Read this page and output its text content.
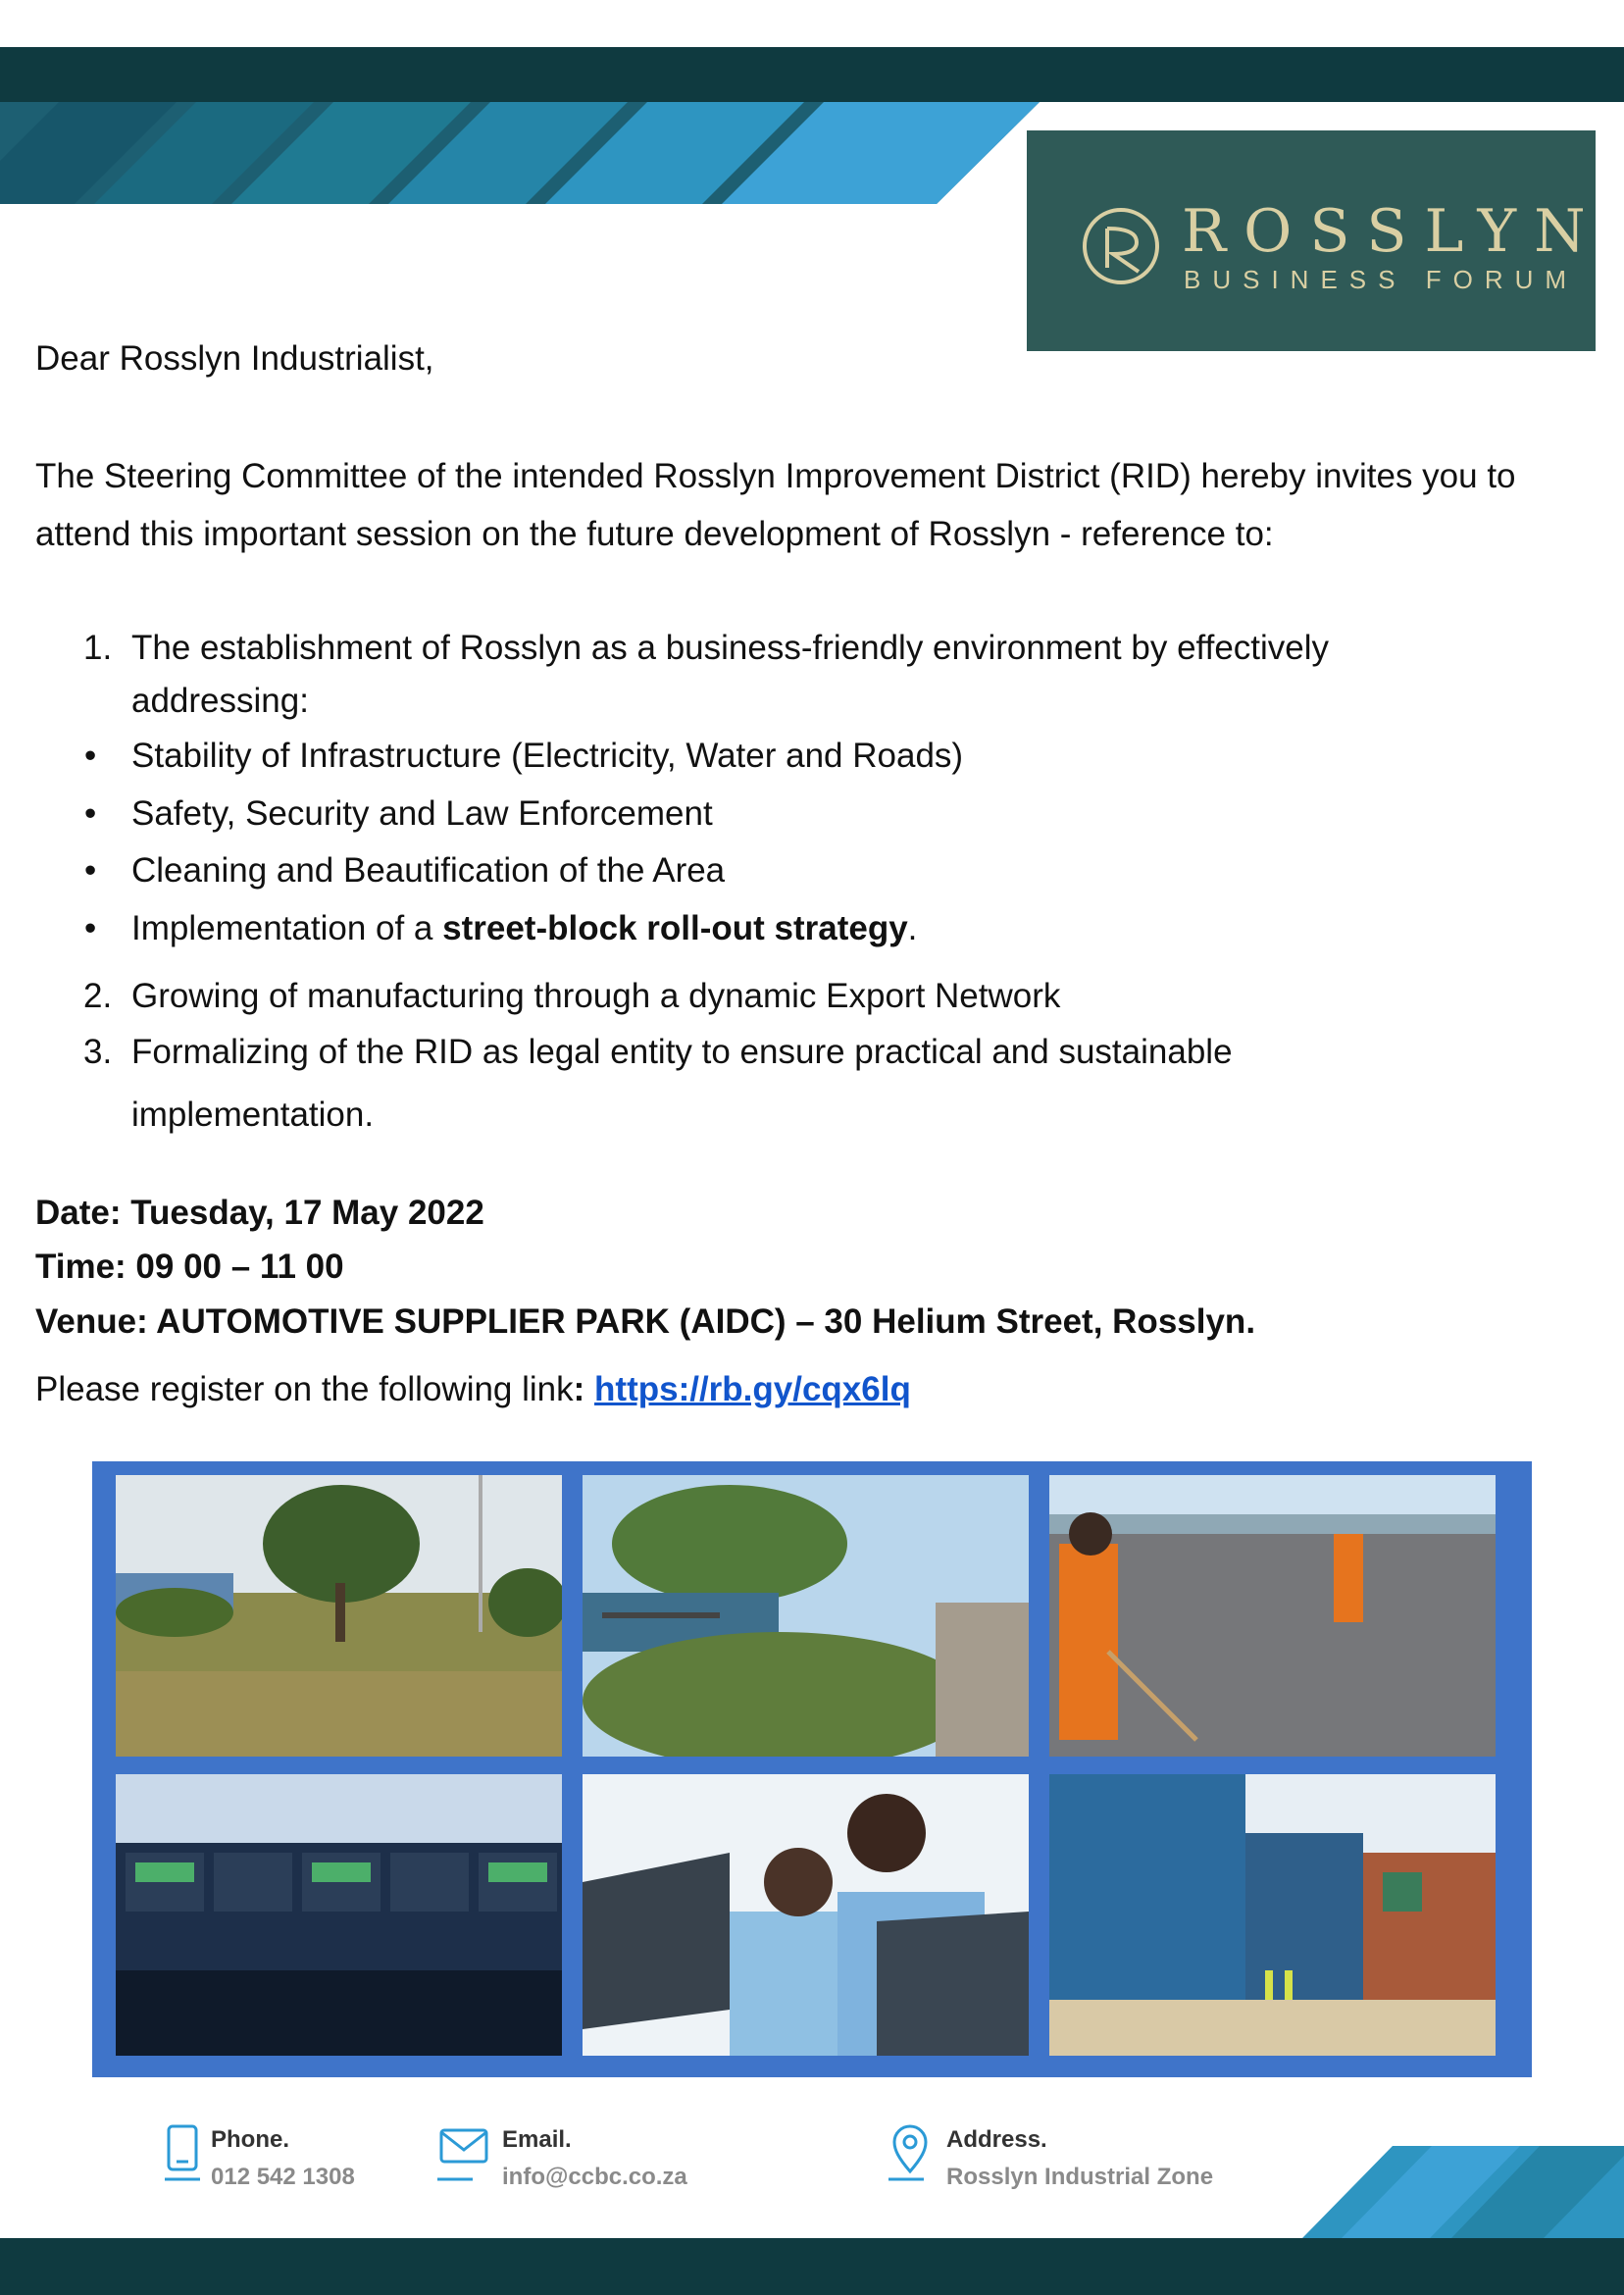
ROSSLYN
BUSINESS FORUM
Dear Rosslyn Industrialist,
The Steering Committee of the intended Rosslyn Improvement District (RID) hereby invites you to attend this important session on the future development of Rosslyn - reference to:
1. The establishment of Rosslyn as a business-friendly environment by effectively
addressing:
• Stability of Infrastructure (Electricity, Water and Roads)
• Safety, Security and Law Enforcement
• Cleaning and Beautification of the Area
• Implementation of a street-block roll-out strategy.
2. Growing of manufacturing through a dynamic Export Network
3. Formalizing of the RID as legal entity to ensure practical and sustainable
implementation.
Date: Tuesday, 17 May 2022
Time: 09 00 – 11 00
Venue: AUTOMOTIVE SUPPLIER PARK (AIDC) – 30 Helium Street, Rosslyn.
Please register on the following link: https://rb.gy/cqx6lq
Phone.
012 542 1308
Email.
info@ccbc.co.za
Address.
Rosslyn Industrial Zone
